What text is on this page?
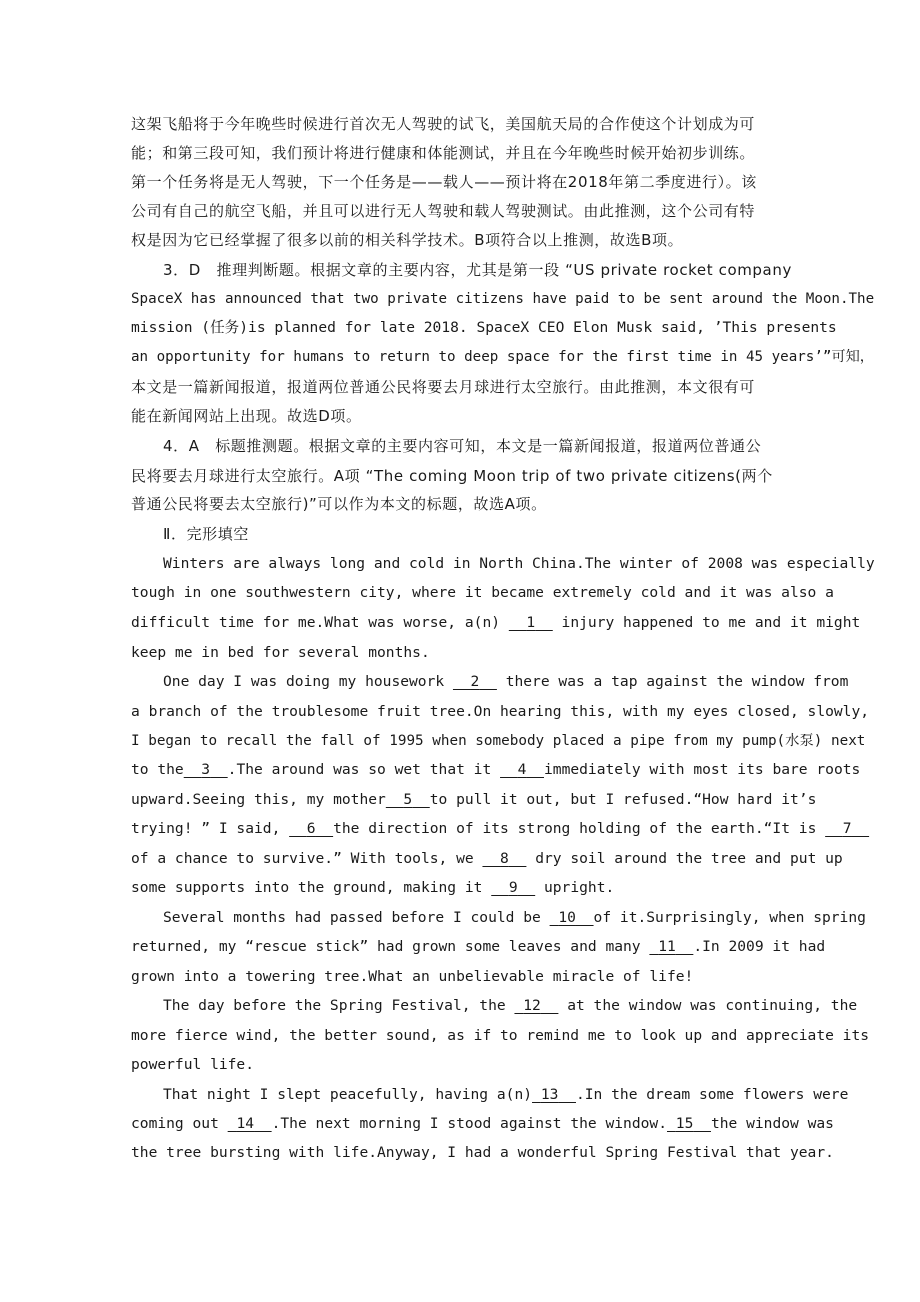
这架飞船将于今年晚些时候进行首次无人驾驶的试飞，美国航天局的合作使这个计划成为可
能；和第三段可知，我们预计将进行健康和体能测试，并且在今年晚些时候开始初步训练。
第一个任务将是无人驾驶，下一个任务是——载人——预计将在2018年第二季度进行）。该
公司有自己的航空飞船，并且可以进行无人驾驶和载人驾驶测试。由此推测，这个公司有特
权是因为它已经掌握了很多以前的相关科学技术。B项符合以上推测，故选B项。
3．D　推理判断题。根据文章的主要内容，尤其是第一段 “US private rocket company
SpaceX has announced that two private citizens have paid to be sent around the Moon.The
mission (任务)is planned for late 2018. SpaceX CEO Elon Musk said, ’This presents
an opportunity for humans to return to deep space for the first time in 45 years’”可知，
本文是一篇新闻报道，报道两位普通公民将要去月球进行太空旅行。由此推测，本文很有可
能在新闻网站上出现。故选D项。
4．A　标题推测题。根据文章的主要内容可知，本文是一篇新闻报道，报道两位普通公
民将要去月球进行太空旅行。A项 “The coming Moon trip of two private citizens(两个
普通公民将要去太空旅行)”可以作为本文的标题，故选A项。
Ⅱ．完形填空
Winters are always long and cold in North China.The winter of 2008 was especially
tough in one southwestern city, where it became extremely cold and it was also a
difficult time for me.What was worse, a(n)   1   injury happened to me and it might
keep me in bed for several months.
One day I was doing my housework   2   there was a tap against the window from
a branch of the troublesome fruit tree.On hearing this, with my eyes closed, slowly,
I began to recall the fall of 1995 when somebody placed a pipe from my pump(水泵) next
to the 3 .The around was so wet that it   4 immediately with most its bare roots
upward.Seeing this, my mother 5 to pull it out, but I refused.“How hard it’s
trying! ” I said,   6 the direction of its strong holding of the earth.“It is   7
of a chance to survive.” With tools, we   8   dry soil around the tree and put up
some supports into the ground, making it   9   upright.
Several months had passed before I could be  10 of it.Surprisingly, when spring
returned, my “rescue stick” had grown some leaves and many  11 .In 2009 it had
grown into a towering tree.What an unbelievable miracle of life!
The day before the Spring Festival, the  12   at the window was continuing, the
more fierce wind, the better sound, as if to remind me to look up and appreciate its
powerful life.
That night I slept peacefully, having a(n) 13 .In the dream some flowers were
coming out  14 .The next morning I stood against the window. 15 the window was
the tree bursting with life.Anyway, I had a wonderful Spring Festival that year.
